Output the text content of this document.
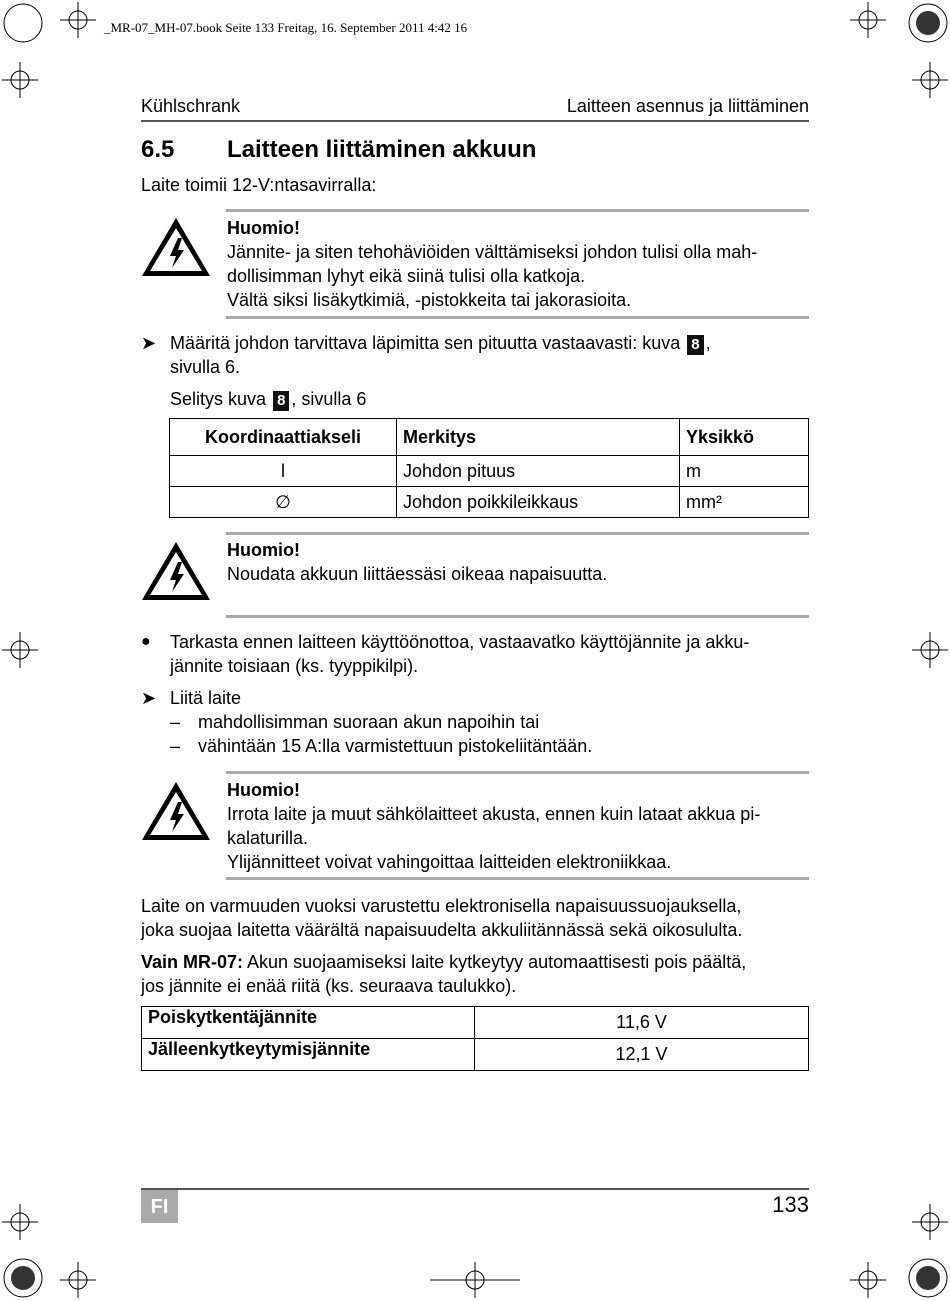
_MR-07_MH-07.book Seite 133 Freitag, 16. September 2011 4:42 16
Kühlschrank	Laitteen asennus ja liittäminen
6.5 Laitteen liittäminen akkuun
Laite toimii 12-V:ntasavirralla:
Huomio!
Jännite- ja siten tehohäviöiden välttämiseksi johdon tulisi olla mah-
dollisimman lyhyt eikä siinä tulisi olla katkoja.
Vältä siksi lisäkytkimiä, -pistokkeita tai jakorasioita.
➤ Määritä johdon tarvittava läpimitta sen pituutta vastaavasti: kuva 8 ,
sivulla 6.
Selitys kuva 8 , sivulla 6
Koordinaattiakseli	Merkitys	Yksikkö
l	Johdon pituus	m
∅	Johdon poikkileikkaus	mm²
Huomio!
Noudata akkuun liittäessäsi oikeaa napaisuutta.
● Tarkasta ennen laitteen käyttöönottoa, vastaavatko käyttöjännite ja akku-
jännite toisiaan (ks. tyyppikilpi).
➤ Liitä laite
– mahdollisimman suoraan akun napoihin tai
– vähintään 15 A:lla varmistettuun pistokeliitäntään.
Huomio!
Irrota laite ja muut sähkölaitteet akusta, ennen kuin lataat akkua pi-
kalaturilla.
Ylijännitteet voivat vahingoittaa laitteiden elektroniikkaa.
Laite on varmuuden vuoksi varustettu elektronisella napaisuussuojauksella,
joka suojaa laitetta väärältä napaisuudelta akkuliitännässä sekä oikosululta.
Vain MR-07: Akun suojaamiseksi laite kytkeytyy automaattisesti pois päältä,
jos jännite ei enää riitä (ks. seuraava taulukko).
Poiskytkentäjännite	11,6 V
Jälleenkytkeytymisjännite	12,1 V
FI	133
